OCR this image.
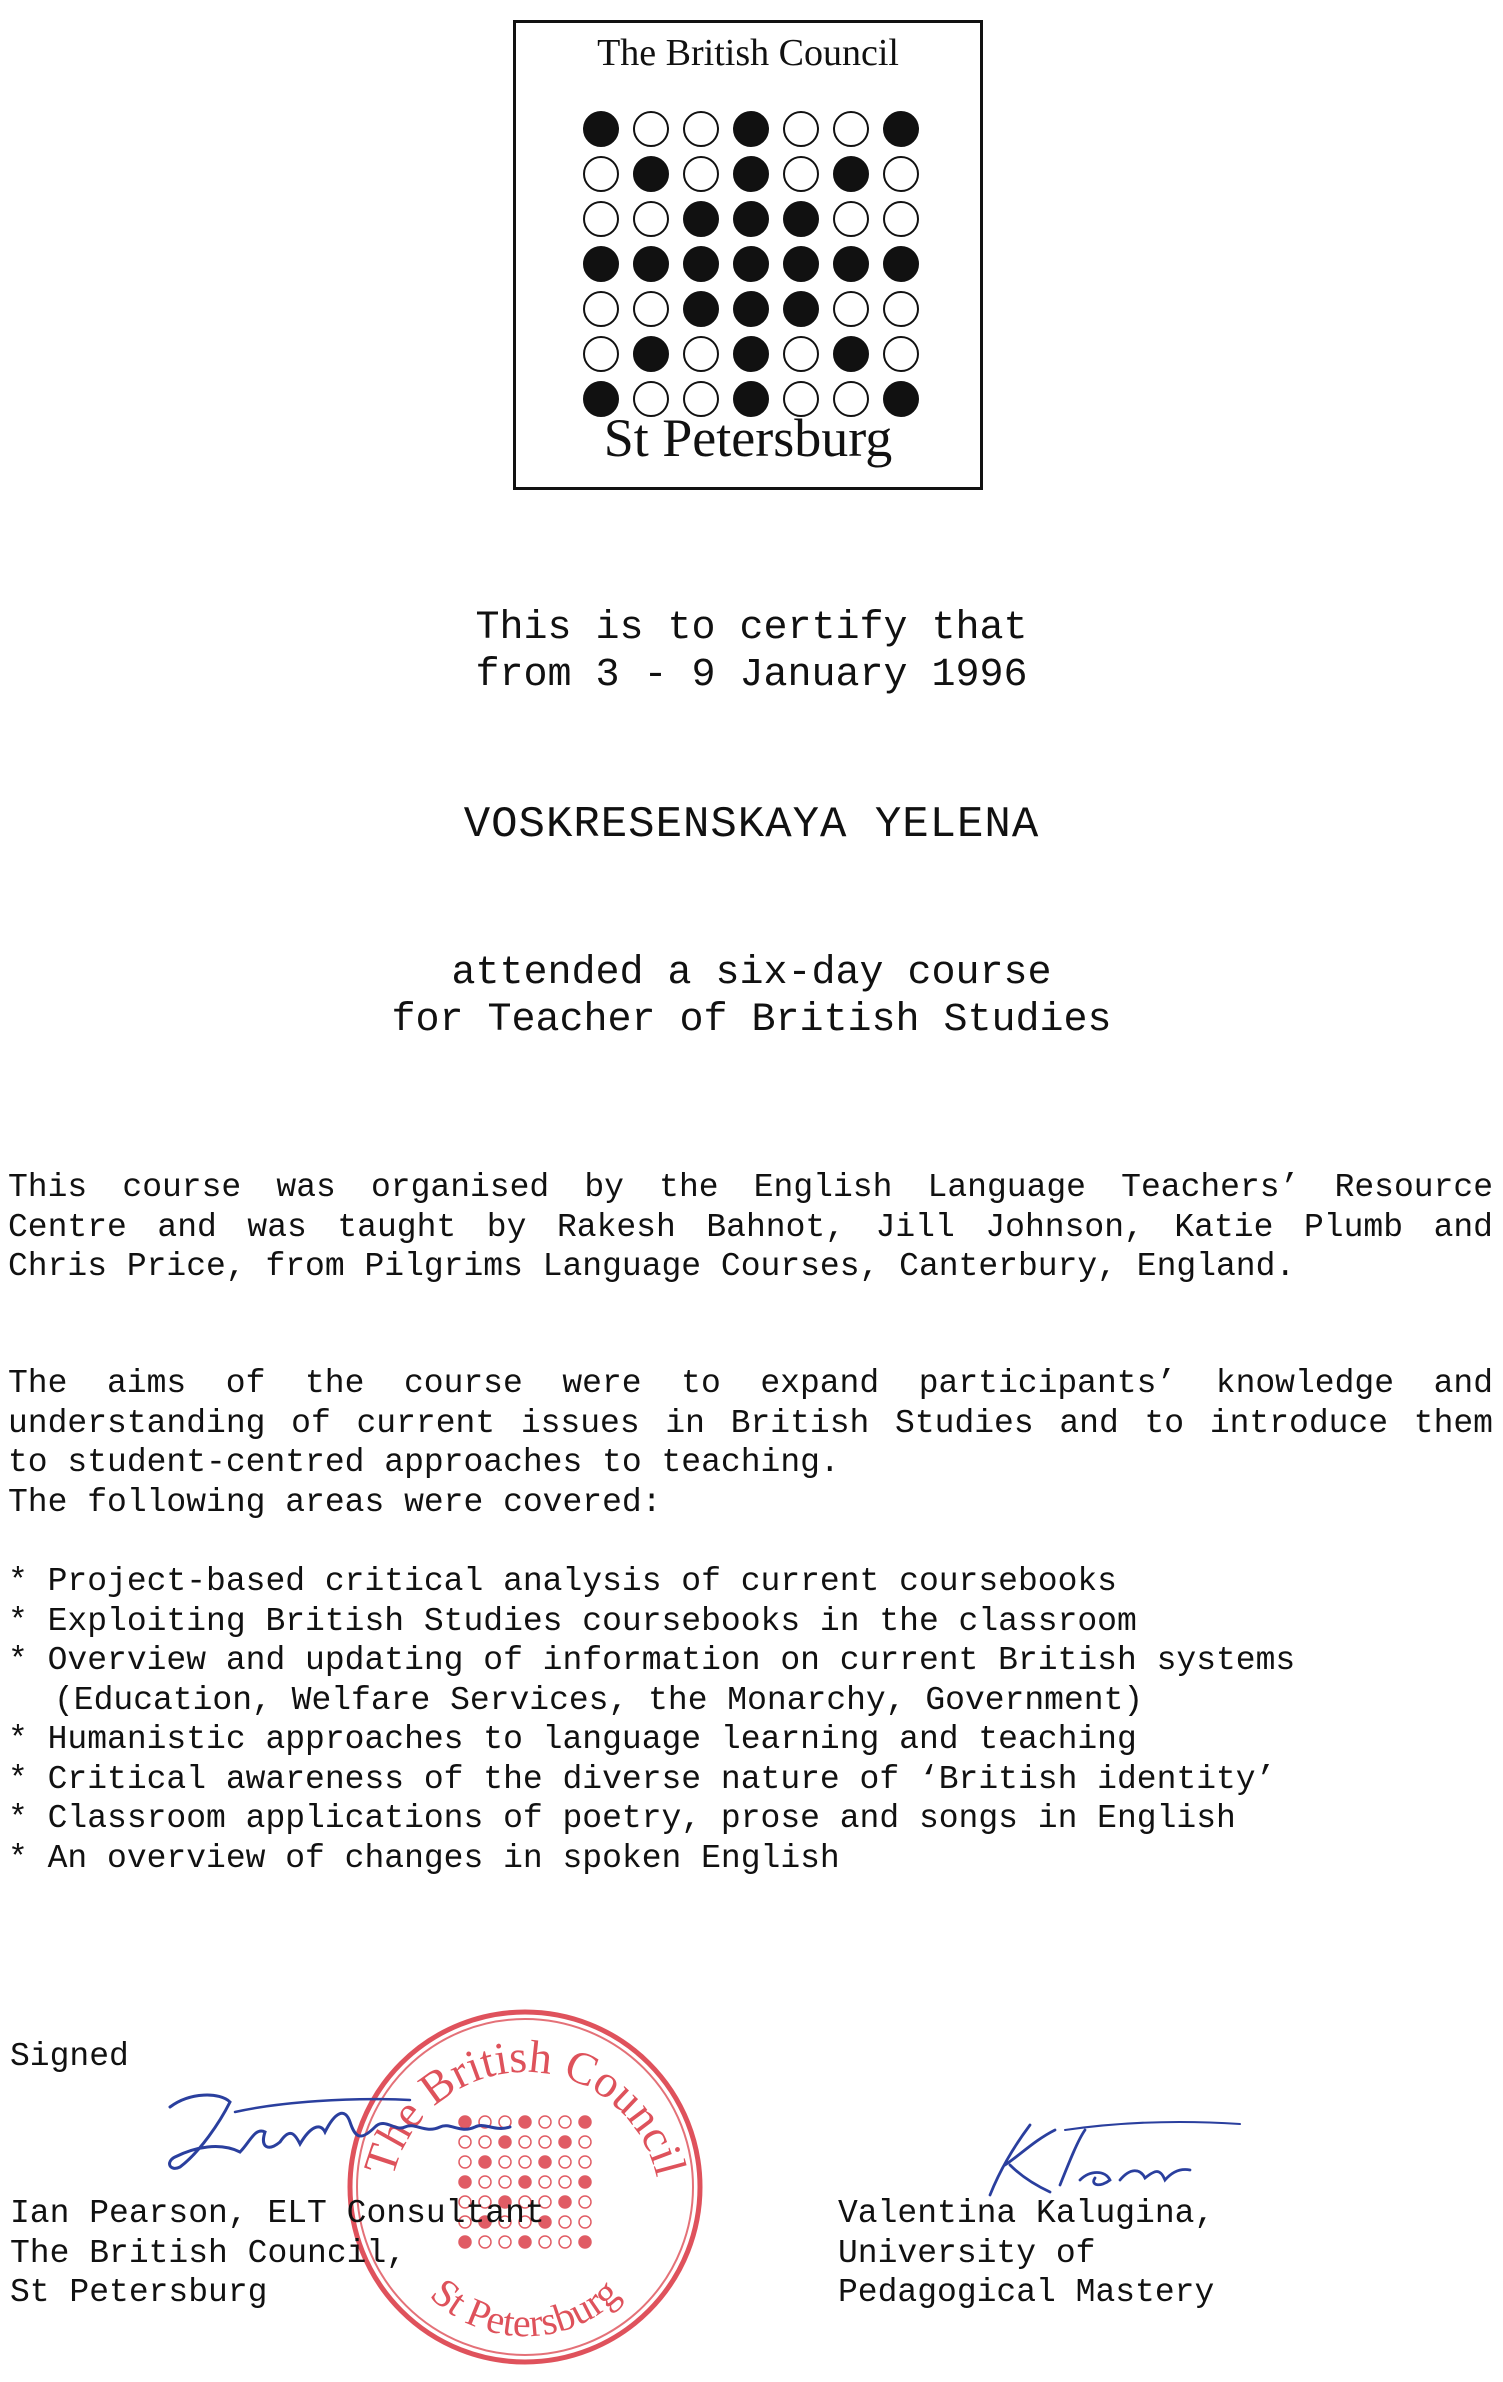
The British Council
St Petersburg
This is to certify that
from 3 - 9 January 1996
VOSKRESENSKAYA YELENA
attended a six-day course
for Teacher of British Studies
This course was organised by the English Language Teachers’ Resource Centre and was taught by Rakesh Bahnot, Jill Johnson, Katie Plumb and Chris Price, from Pilgrims Language Courses, Canterbury, England.
The aims of the course were to expand participants’ knowledge and understanding of current issues in British Studies and to introduce them to student-centred approaches to teaching.
The following areas were covered:
* Project-based critical analysis of current coursebooks
* Exploiting British Studies coursebooks in the classroom
* Overview and updating of information on current British systems
(Education, Welfare Services, the Monarchy, Government)
* Humanistic approaches to language learning and teaching
* Critical awareness of the diverse nature of ‘British identity’
* Classroom applications of poetry, prose and songs in English
* An overview of changes in spoken English
Signed
The British Council
St Petersburg
Ian Pearson, ELT Consultant
The British Council,
St Petersburg
Valentina Kalugina,
University of
Pedagogical Mastery
